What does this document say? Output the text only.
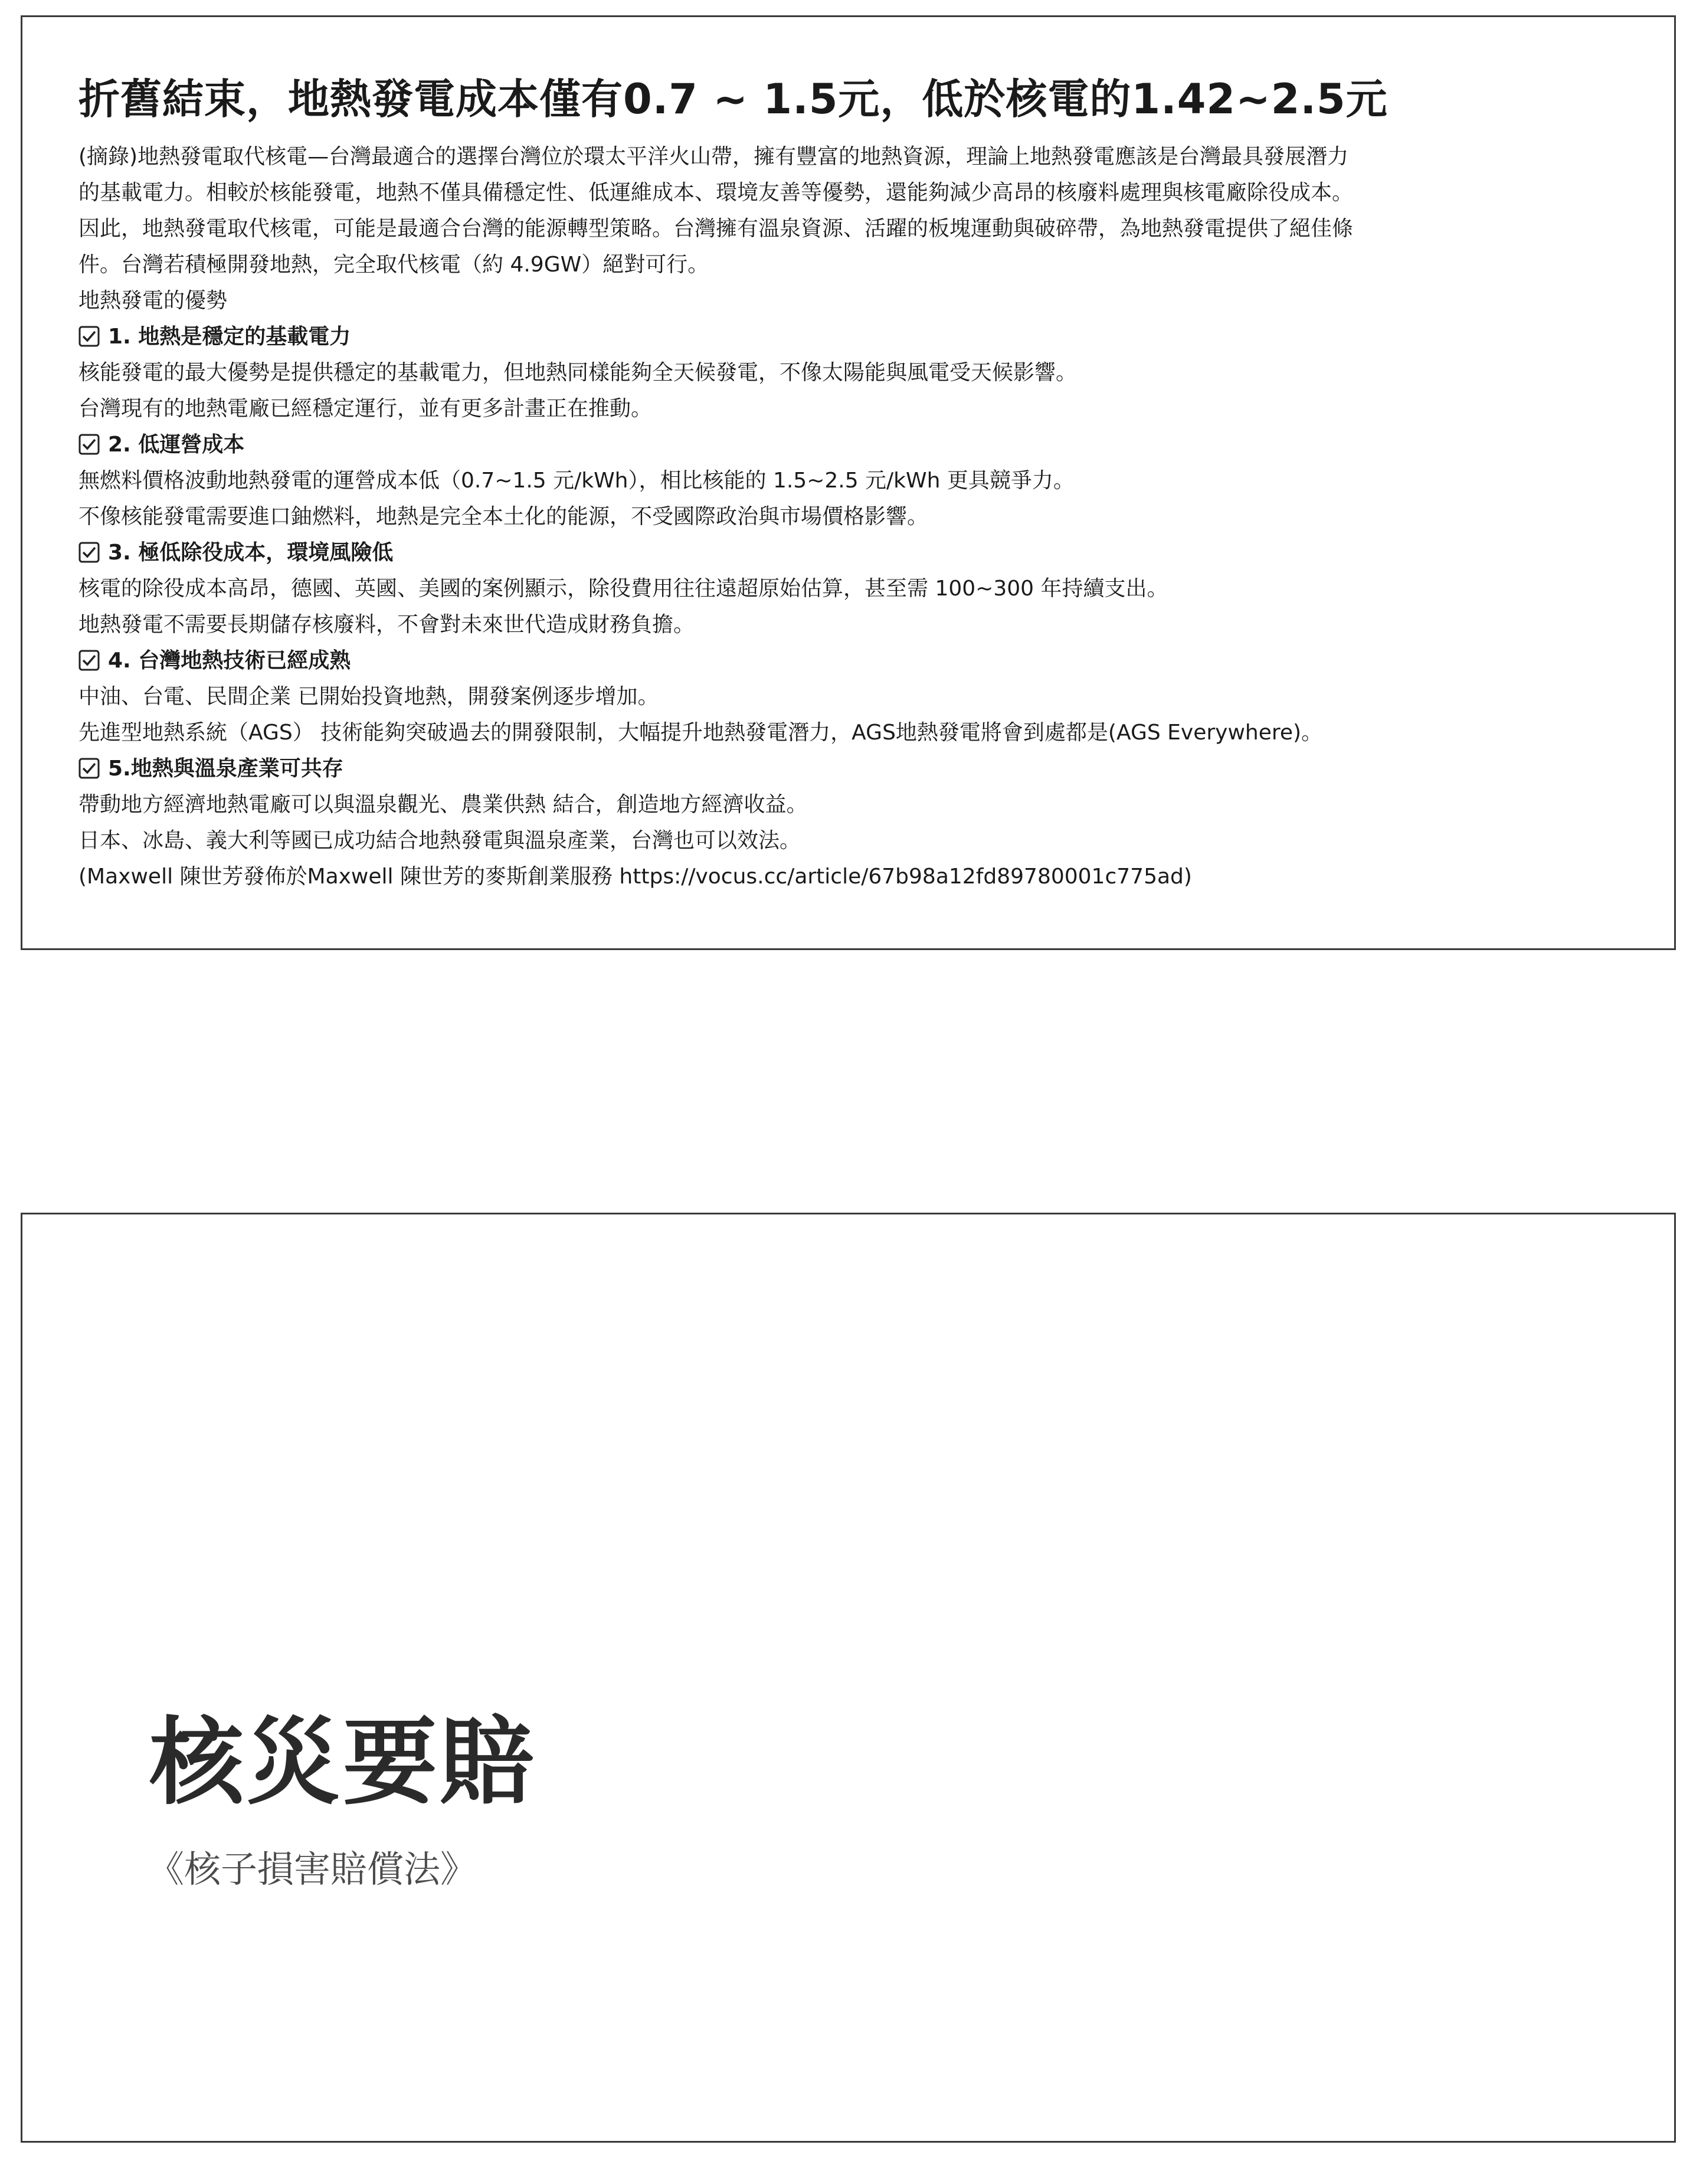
折舊結束，地熱發電成本僅有0.7 ~ 1.5元，低於核電的1.42~2.5元
(摘錄)地熱發電取代核電—台灣最適合的選擇台灣位於環太平洋火山帶，擁有豐富的地熱資源，理論上地熱發電應該是台灣最具發展潛力
的基載電力。相較於核能發電，地熱不僅具備穩定性、低運維成本、環境友善等優勢，還能夠減少高昂的核廢料處理與核電廠除役成本。
因此，地熱發電取代核電，可能是最適合台灣的能源轉型策略。台灣擁有溫泉資源、活躍的板塊運動與破碎帶，為地熱發電提供了絕佳條
件。台灣若積極開發地熱，完全取代核電（約 4.9GW）絕對可行。
地熱發電的優勢
1. 地熱是穩定的基載電力
核能發電的最大優勢是提供穩定的基載電力，但地熱同樣能夠全天候發電，不像太陽能與風電受天候影響。
台灣現有的地熱電廠已經穩定運行，並有更多計畫正在推動。
2. 低運營成本
無燃料價格波動地熱發電的運營成本低（0.7~1.5 元/kWh），相比核能的 1.5~2.5 元/kWh 更具競爭力。
不像核能發電需要進口鈾燃料，地熱是完全本土化的能源，不受國際政治與市場價格影響。
3. 極低除役成本，環境風險低
核電的除役成本高昂，德國、英國、美國的案例顯示，除役費用往往遠超原始估算，甚至需 100~300 年持續支出。
地熱發電不需要長期儲存核廢料，不會對未來世代造成財務負擔。
4. 台灣地熱技術已經成熟
中油、台電、民間企業 已開始投資地熱，開發案例逐步增加。
先進型地熱系統（AGS） 技術能夠突破過去的開發限制，大幅提升地熱發電潛力，AGS地熱發電將會到處都是(AGS Everywhere)。
5.地熱與溫泉產業可共存
帶動地方經濟地熱電廠可以與溫泉觀光、農業供熱 結合，創造地方經濟收益。
日本、冰島、義大利等國已成功結合地熱發電與溫泉產業，台灣也可以效法。
(Maxwell 陳世芳發佈於Maxwell 陳世芳的麥斯創業服務 https://vocus.cc/article/67b98a12fd89780001c775ad)
核災要賠
《核子損害賠償法》
